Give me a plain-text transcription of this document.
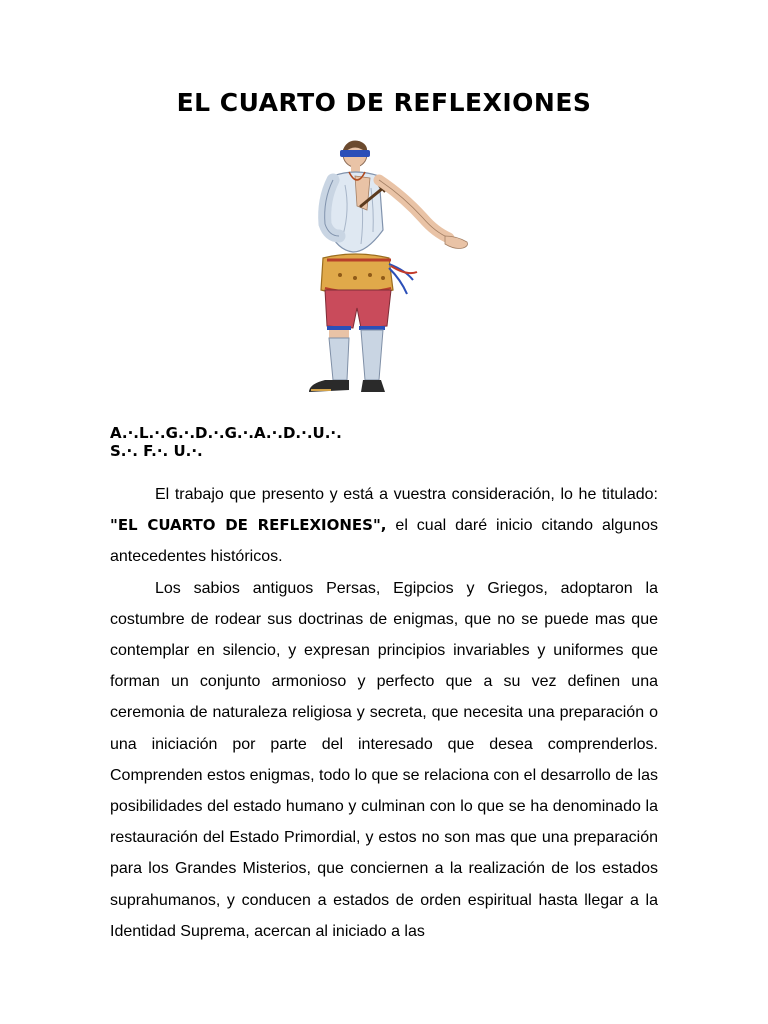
EL CUARTO DE REFLEXIONES
A.·.L.·.G.·.D.·.G.·.A.·.D.·.U.·.
S.·. F.·. U.·.

El trabajo que presento y está a vuestra consideración, lo he titulado: "EL CUARTO DE REFLEXIONES", el cual daré inicio citando algunos antecedentes históricos.

Los sabios antiguos Persas, Egipcios y Griegos, adoptaron la costumbre de rodear sus doctrinas de enigmas, que no se puede mas que contemplar en silencio, y expresan principios invariables y uniformes que forman un conjunto armonioso y perfecto que a su vez definen una ceremonia de naturaleza religiosa y secreta, que necesita una preparación o una iniciación por parte del interesado que desea comprenderlos. Comprenden estos enigmas, todo lo que se relaciona con el desarrollo de las posibilidades del estado humano y culminan con lo que se ha denominado la restauración del Estado Primordial, y estos no son mas que una preparación para los Grandes Misterios, que conciernen a la realización de los estados suprahumanos, y conducen a estados de orden espiritual hasta llegar a la Identidad Suprema, acercan al iniciado a las
